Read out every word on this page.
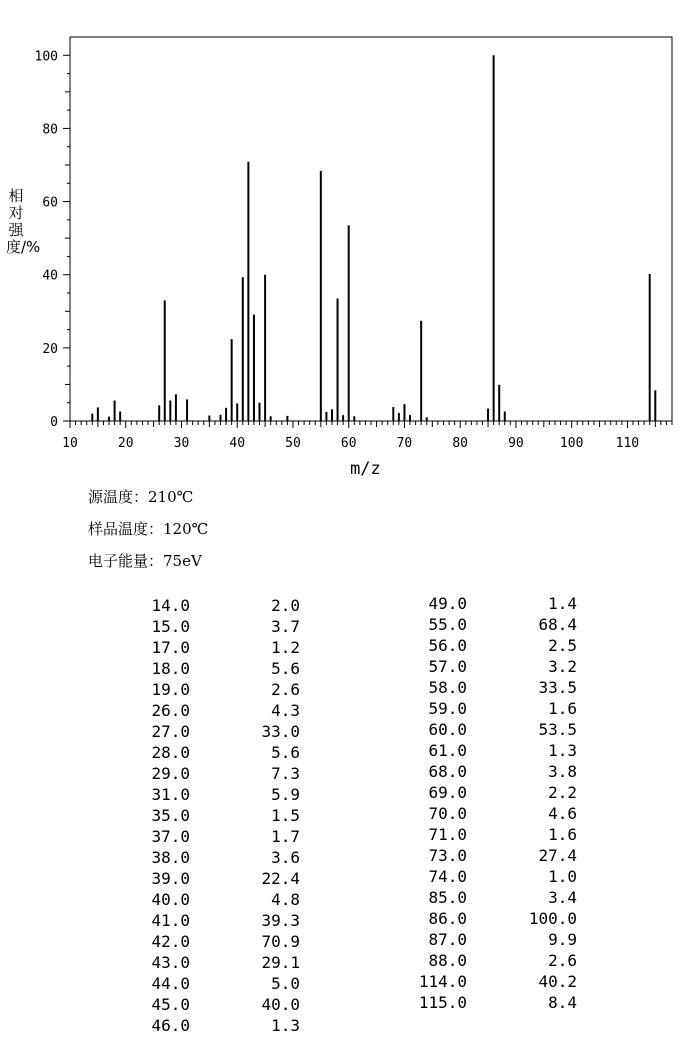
10	20	30	40	50	60	70	80	90	100 110
0
20
40
60
80
100
m/z
相对强度/%
源温度：210℃
样品温度：120℃
电子能量：75eV
14.0	2.0
15.0	3.7
17.0	1.2
18.0	5.6
19.0	2.6
26.0	4.3
27.0	33.0
28.0	5.6
29.0	7.3
31.0	5.9
35.0	1.5
37.0	1.7
38.0	3.6
39.0	22.4
40.0	4.8
41.0	39.3
42.0	70.9
43.0	29.1
44.0	5.0
45.0	40.0
46.0	1.3
49.0	1.4
55.0	68.4
56.0	2.5
57.0	3.2
58.0	33.5
59.0	1.6
60.0	53.5
61.0	1.3
68.0	3.8
69.0	2.2
70.0	4.6
71.0	1.6
73.0	27.4
74.0	1.0
85.0	3.4
86.0	100.0
87.0	9.9
88.0	2.6
114.0	40.2
115.0	8.4
